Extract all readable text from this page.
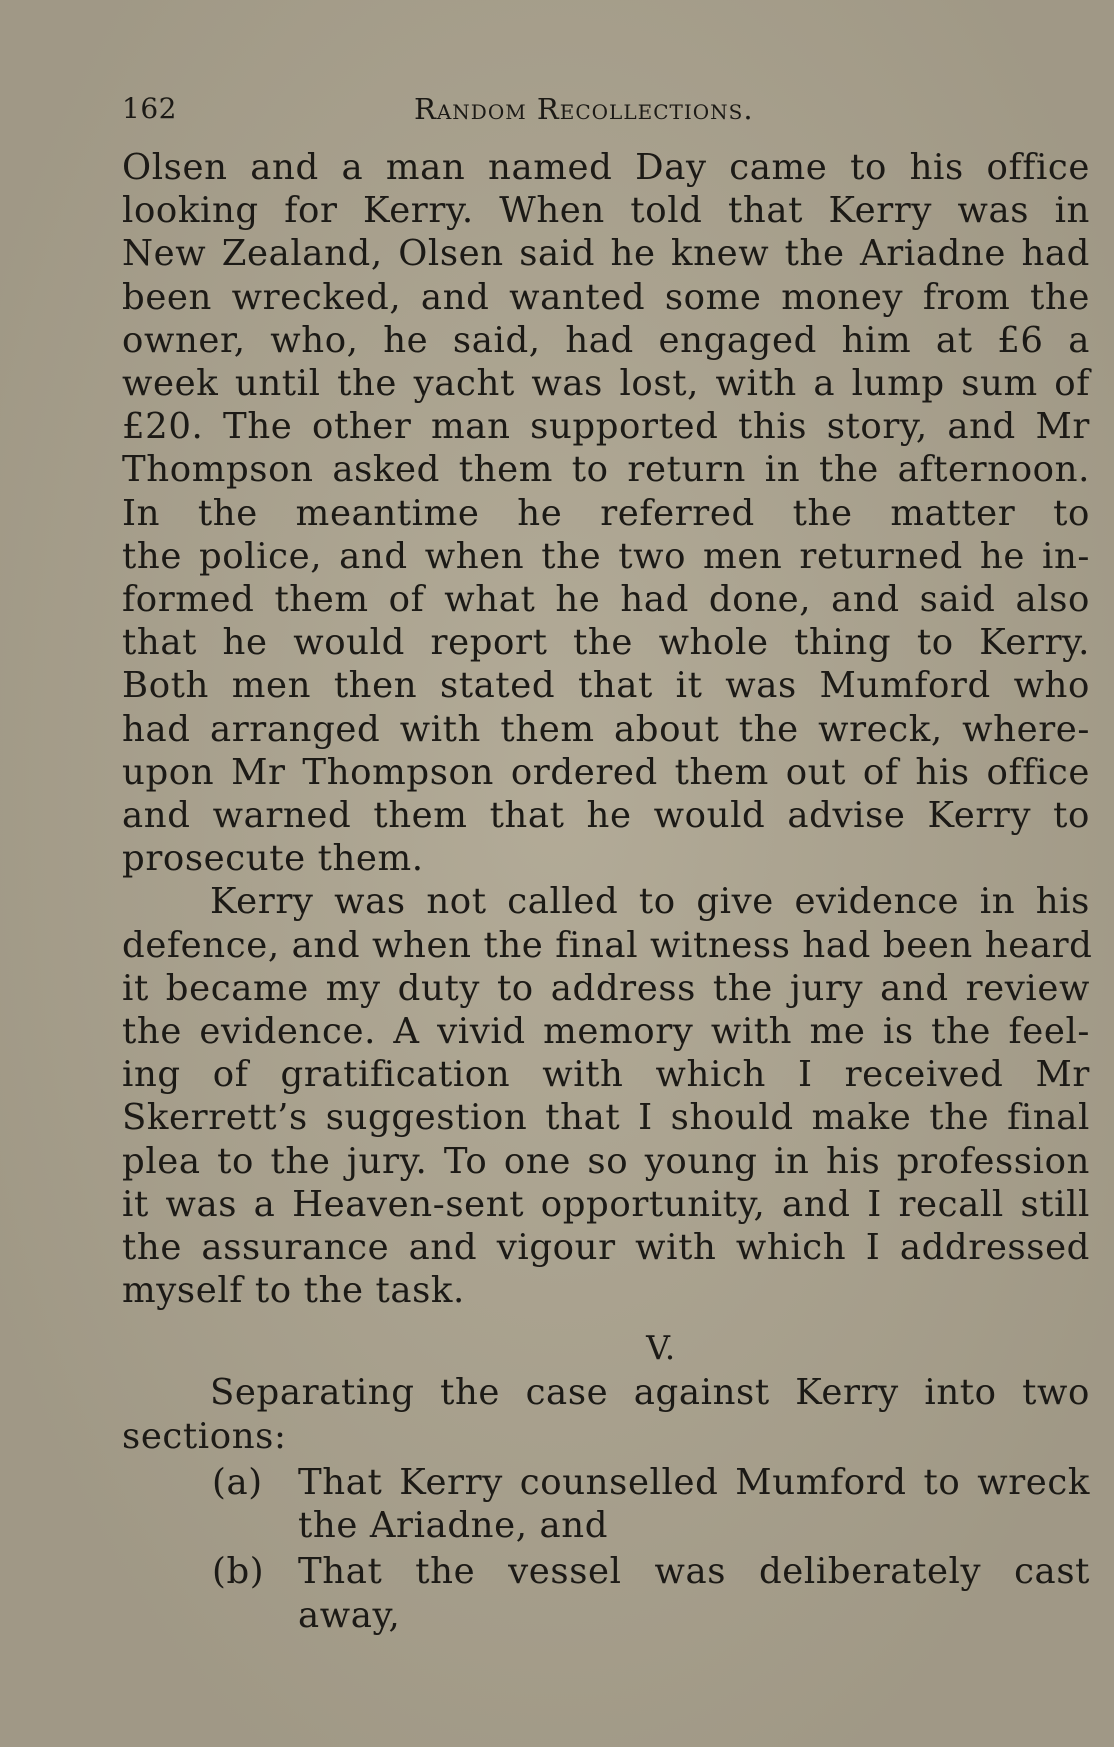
162	Random Recollections.

Olsen and a man named Day came to his office
looking for Kerry. When told that Kerry was in
New Zealand, Olsen said he knew the Ariadne had
been wrecked, and wanted some money from the
owner, who, he said, had engaged him at £6 a
week until the yacht was lost, with a lump sum of
£20. The other man supported this story, and Mr
Thompson asked them to return in the afternoon.
In the meantime he referred the matter to
the police, and when the two men returned he in-
formed them of what he had done, and said also
that he would report the whole thing to Kerry.
Both men then stated that it was Mumford who
had arranged with them about the wreck, where-
upon Mr Thompson ordered them out of his office
and warned them that he would advise Kerry to
prosecute them.

Kerry was not called to give evidence in his
defence, and when the final witness had been heard
it became my duty to address the jury and review
the evidence. A vivid memory with me is the feel-
ing of gratification with which I received Mr
Skerrett’s suggestion that I should make the final
plea to the jury. To one so young in his profession
it was a Heaven-sent opportunity, and I recall still
the assurance and vigour with which I addressed
myself to the task.

V.

Separating the case against Kerry into two
sections:

(a) That Kerry counselled Mumford to wreck
the Ariadne, and
(b) That the vessel was deliberately cast
away,
